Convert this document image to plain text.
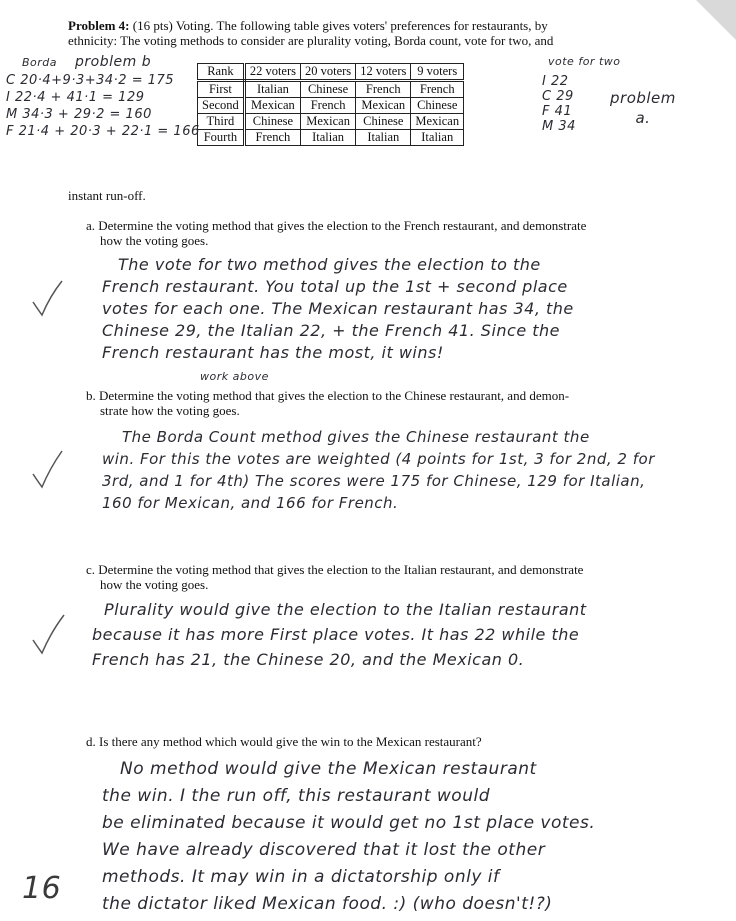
Problem 4: (16 pts) Voting. The following table gives voters' preferences for restaurants, by
ethnicity: The voting methods to consider are plurality voting, Borda count, vote for two, and
Rank	22 voters	20 voters	12 voters	9 voters
First	Italian	Chinese	French	French
Second	Mexican	French	Mexican	Chinese
Third	Chinese	Mexican	Chinese	Mexican
Fourth	French	Italian	Italian	Italian
Borda problem b
C 20·4+9·3+34·2 = 175
I 22·4 + 41·1 = 129
M 34·3 + 29·2 = 160
F 21·4 + 20·3 + 22·1 = 166
vote for two
I 22
C 29
F 41
M 34
problem
a.
instant run-off.
a. Determine the voting method that gives the election to the French restaurant, and demonstrate
how the voting goes.
The vote for two method gives the election to the
French restaurant. You total up the 1st + second place
votes for each one. The Mexican restaurant has 34, the
Chinese 29, the Italian 22, + the French 41. Since the
French restaurant has the most, it wins!
work above
b. Determine the voting method that gives the election to the Chinese restaurant, and demon-
strate how the voting goes.
The Borda Count method gives the Chinese restaurant the
win. For this the votes are weighted (4 points for 1st, 3 for 2nd, 2 for
3rd, and 1 for 4th) The scores were 175 for Chinese, 129 for Italian,
160 for Mexican, and 166 for French.
c. Determine the voting method that gives the election to the Italian restaurant, and demonstrate
how the voting goes.
Plurality would give the election to the Italian restaurant
because it has more First place votes. It has 22 while the
French has 21, the Chinese 20, and the Mexican 0.
d. Is there any method which would give the win to the Mexican restaurant?
No method would give the Mexican restaurant
the win. I the run off, this restaurant would
be eliminated because it would get no 1st place votes.
We have already discovered that it lost the other
methods. It may win in a dictatorship only if
the dictator liked Mexican food. :) (who doesn't!?)
16
